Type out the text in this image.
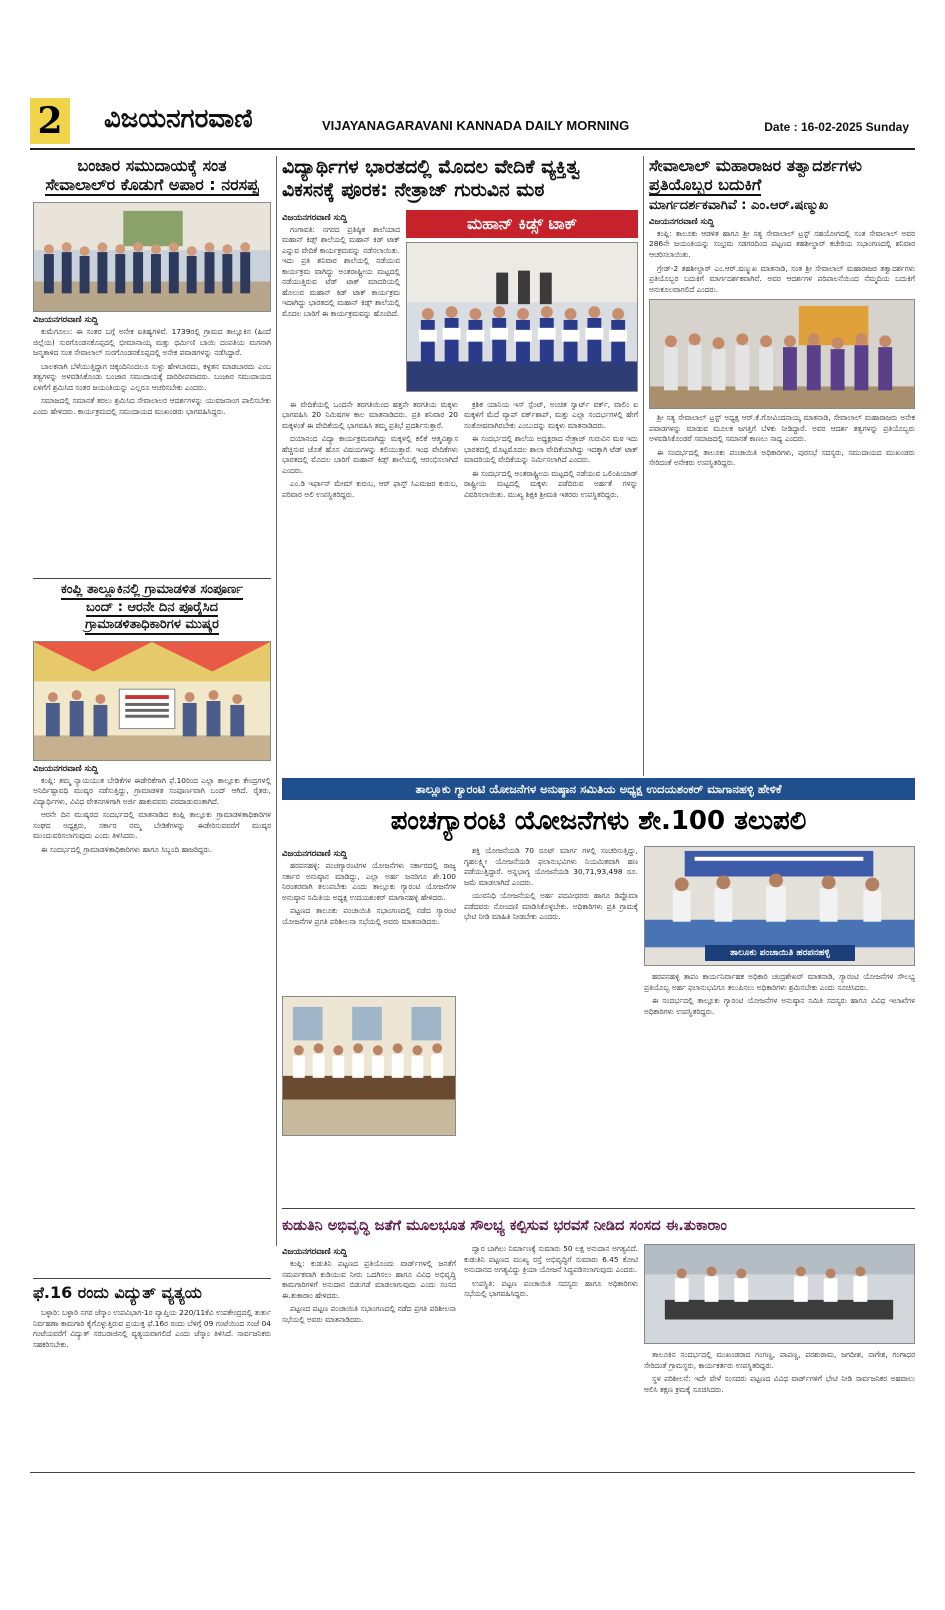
2 ವಿಜಯನಗರವಾಣಿ	VIJAYANAGARAVANI KANNADA DAILY MORNING	Date : 16-02-2025 Sunday
ಬಂಜಾರ ಸಮುದಾಯಕ್ಕೆ ಸಂತ
ಸೇವಾಲಾಲ್‌ರ ಕೊಡುಗೆ ಅಪಾರ : ನರಸಪ್ಪ
ವಿಜಯನಗರವಾಣಿ ಸುದ್ದಿ

ಕುಮೆಗೂಲು: ಈ ಸಂತರ ಬಗ್ಗೆ ಅನೇಕ ಐತಿಹ್ಯಗಳಿವೆ. 1739ರಲ್ಲಿ ಗ್ರಾಮದ ತಾಲ್ಲೂಕಿನ (ಹಿಂದೆ ಜಿಲ್ಲೆಯ) ಸುರಗೊಂಡನಕೊಪ್ಪದಲ್ಲಿ ಭೀಮಾನಾಯ್ಕ ಮತ್ತು ಧರ್ಮಿಣಿ ಬಾಯಿ ದಂಪತಿಯ ಮಗನಾಗಿ ಜನ್ಮತಾಳಿದ ಸಂತ ಸೇವಾಲಾಲ್ ಸುರಗೊಂಡನಕೊಪ್ಪದಲ್ಲಿ ಅನೇಕ ಪವಾಡಗಳನ್ನು ನಡೆಸಿದ್ದಾರೆ.

ಬಾಲಕನಾಗಿ ಬೆಳೆಯುತ್ತಿದ್ದಾಗ ಚಿಕ್ಕಂದಿನಿಂದಲೂ ಸುಳ್ಳು ಹೇಳಬಾರದು, ಕಳ್ಳತನ ಮಾಡಬಾರದು ಎಂಬ ತತ್ವಗಳನ್ನು ಅಳವಡಿಸಿಕೊಂಡು ಬಂಜಾರ ಸಮುದಾಯಕ್ಕೆ ದಾರಿದೀಪವಾದರು. ಬಂಜಾರ ಸಮುದಾಯದ ಏಳಿಗೆಗೆ ಶ್ರಮಿಸಿದ ಸಂತರ ಜಯಂತಿಯನ್ನು ಎಲ್ಲರೂ ಆಚರಿಸಬೇಕು ಎಂದರು.

ಸಮಾಜದಲ್ಲಿ ಸಮಾನತೆ ತರಲು ಶ್ರಮಿಸಿದ ಸೇವಾಲಾಲರ ಆದರ್ಶಗಳನ್ನು ಯುವಜನಾಂಗ ಪಾಲಿಸಬೇಕು ಎಂದು ಹೇಳಿದರು. ಕಾರ್ಯಕ್ರಮದಲ್ಲಿ ಸಮುದಾಯದ ಮುಖಂಡರು ಭಾಗವಹಿಸಿದ್ದರು.

ಕಂಪ್ಲಿ ತಾಲ್ಲೂಕಿನಲ್ಲಿ ಗ್ರಾಮಾಡಳಿತ ಸಂಪೂರ್ಣ ಬಂದ್ : ಆರನೇ ದಿನ ಪೂರೈಸಿದ ಗ್ರಾಮಾಡಳಿತಾಧಿಕಾರಿಗಳ ಮುಷ್ಕರ
ವಿಜಯನಗರವಾಣಿ ಸುದ್ದಿ

ಕಂಪ್ಲಿ: ತಮ್ಮ ನ್ಯಾಯಯುತ ಬೇಡಿಕೆಗಳ ಈಡೇರಿಕೆಗಾಗಿ ಫೆ.10ರಿಂದ ಎಲ್ಲಾ ತಾಲ್ಲೂಕು ಕೇಂದ್ರಗಳಲ್ಲಿ ಅನಿರ್ದಿಷ್ಟಾವಧಿ ಮುಷ್ಕರ ನಡೆಸುತ್ತಿದ್ದು, ಗ್ರಾಮಾಡಳಿತ ಸಂಪೂರ್ಣವಾಗಿ ಬಂದ್ ಆಗಿದೆ. ರೈತರು, ವಿದ್ಯಾರ್ಥಿಗಳು, ವಿವಿಧ ವೇತನಗಳಿಗಾಗಿ ಅರ್ಜಿ ಹಾಕುವವರು ಪರದಾಡುವಂತಾಗಿದೆ.

ಆರನೇ ದಿನ ಮುಷ್ಕರದ ಸಂದರ್ಭದಲ್ಲಿ ಮಾತನಾಡಿದ ಕಂಪ್ಲಿ ತಾಲ್ಲೂಕು ಗ್ರಾಮಾಡಳಿತಾಧಿಕಾರಿಗಳ ಸಂಘದ ಅಧ್ಯಕ್ಷರು, ಸರ್ಕಾರ ನಮ್ಮ ಬೇಡಿಕೆಗಳನ್ನು ಈಡೇರಿಸುವವರೆಗೆ ಮುಷ್ಕರ ಮುಂದುವರಿಸಲಾಗುವುದು ಎಂದು ತಿಳಿಸಿದರು.

ಈ ಸಂದರ್ಭದಲ್ಲಿ ಗ್ರಾಮಾಡಳಿತಾಧಿಕಾರಿಗಳು ಹಾಗೂ ಸಿಬ್ಬಂದಿ ಹಾಜರಿದ್ದರು.

ಫೆ.16 ರಂದು ವಿದ್ಯುತ್ ವ್ಯತ್ಯಯ

ಬಳ್ಳಾರಿ: ಬಳ್ಳಾರಿ ನಗರ ಜೆಸ್ಕಾಂ ಉಪವಿಭಾಗ-1ರ ವ್ಯಾಪ್ತಿಯ 220/11ಕೆವಿ ಉಪಕೇಂದ್ರದಲ್ಲಿ ತುರ್ತು ನಿರ್ವಹಣಾ ಕಾಮಗಾರಿ ಕೈಗೊಳ್ಳುತ್ತಿರುವ ಪ್ರಯುಕ್ತ ಫೆ.16ರ ರಂದು ಬೆಳಿಗ್ಗೆ 09 ಗಂಟೆಯಿಂದ ಸಂಜೆ 04 ಗಂಟೆಯವರೆಗೆ ವಿದ್ಯುತ್ ಸರಬರಾಜಿನಲ್ಲಿ ವ್ಯತ್ಯಯವಾಗಲಿದೆ ಎಂದು ಜೆಸ್ಕಾಂ ತಿಳಿಸಿದೆ. ಸಾರ್ವಜನಿಕರು ಸಹಕರಿಸಬೇಕು.

ವಿದ್ಯಾರ್ಥಿಗಳ ಭಾರತದಲ್ಲಿ ಮೊದಲ ವೇದಿಕೆ ವ್ಯಕ್ತಿತ್ವ
ವಿಕಸನಕ್ಕೆ ಪೂರಕ: ನೇತ್ರಾಜ್ ಗುರುವಿನ ಮಠ
ವಿಜಯನಗರವಾಣಿ ಸುದ್ದಿ

ಗಂಗಾವತಿ: ನಗರದ ಪ್ರತಿಷ್ಠಿತ ಶಾಲೆಯಾದ ಮಹಾನ್ ಕಿಡ್ಸ್ ಶಾಲೆಯಲ್ಲಿ ಮಹಾನ್ ಕಿಡ್ ಟಾಕ್ ಎನ್ನುವ ವೇದಿಕೆ ಕಾರ್ಯಕ್ರಮವನ್ನು ನಡೆಸಲಾಯಿತು. ಇದು ಪ್ರತಿ ಶನಿವಾರ ಶಾಲೆಯಲ್ಲಿ ನಡೆಯುವ ಕಾರ್ಯಕ್ರಮ ವಾಗಿದ್ದು ಅಂತರಾಷ್ಟ್ರೀಯ ಮಟ್ಟದಲ್ಲಿ ನಡೆಯುತ್ತಿರುವ ಟೆಡ್ ಟಾಕ್ ಮಾದರಿಯಲ್ಲಿ ಹೊಲುವ ಮಹಾನ್ ಕಿಡ್ ಟಾಕ್ ಕಾರ್ಯಕ್ರಮ ಇದಾಗಿದ್ದು ಭಾರತದಲ್ಲಿ ಮಹಾನ್ ಕಿಡ್ಸ್ ಶಾಲೆಯಲ್ಲಿ ಮೊದಲ ಬಾರಿಗೆ ಈ ಕಾರ್ಯಕ್ರಮವನ್ನು ಹೊಂದಿದೆ.

ಮಹಾನ್ ಕಿಡ್ಸ್ ಟಾಕ್

ಈ ವೇದಿಕೆಯಲ್ಲಿ ಒಂದನೇ ತರಗತಿಯಿಂದ ಹತ್ತನೇ ತರಗತಿಯ ಮಕ್ಕಳು ಭಾಗವಹಿಸಿ 20 ನಿಮಿಷಗಳ ಕಾಲ ಮಾತನಾಡಿದರು. ಪ್ರತಿ ಶನಿವಾರ 20 ಮಕ್ಕಳಂತೆ ಈ ವೇದಿಕೆಯಲ್ಲಿ ಭಾಗವಹಿಸಿ ತಮ್ಮ ಪ್ರತಿಭೆ ಪ್ರದರ್ಶಿಸುತ್ತಾರೆ.

ದಯಾನಂದ ವಿದ್ಯಾ ಕಾರ್ಯಕ್ರಮವಾಗಿದ್ದು ಮಕ್ಕಳಲ್ಲಿ ಕಲಿಕೆ ಆತ್ಮವಿಶ್ವಾಸ ಹೆಚ್ಚಿಸುವ ಜೊತೆ ಹೊಸ ವಿಷಯಗಳನ್ನು ಕಲಿಯುತ್ತಾರೆ. ಇಂಥ ವೇದಿಕೆಗಳು ಭಾರತದಲ್ಲಿ ಮೊದಲ ಬಾರಿಗೆ ಮಹಾನ್ ಕಿಡ್ಸ್ ಶಾಲೆಯಲ್ಲಿ ಆರಂಭಿಸಲಾಗಿದೆ ಎಂದರು.

ಎಂ.ಡಿ ಇರ್ಫಾನ್ ಮೇಮ್ ಕುರುಬ, ಆರ್ ಫಾಸ್ತ್ ಸಿಎಮಜರ ಕುರುಬ, ಪರಿವಾರ ಅಲಿ ಉಪಸ್ಥಿತರಿದ್ದರು.

ಕ್ರಶಿಕ ಯಾನಿಯ ಇಸ್ ಸ್ಪೆಂಟ್, ಅಂಚಿತ ಸ್ವಾರ್ಟ್ ವರ್ಕ್, ವಾಲಿಂ ಐ ಮಕ್ಕಳಿಗೆ ಮೆದೆ ವ್ಯಾಪ್ ವರ್ಕ್‌ಶಾಪ್, ಮತ್ತು ಎಲ್ಲಾ ಸಂದರ್ಭಗಳಲ್ಲಿ ಹೇಗೆ ಸಂತೋಷವಾಗಿರಬೇಕು ಎಂಬುದನ್ನು ಮಕ್ಕಳು ಮಾತನಾಡಿದರು.

ಈ ಸಂದರ್ಭದಲ್ಲಿ ಶಾಲೆಯ ಅಧ್ಯಕ್ಷರಾದ ನೇತ್ರಾಜ್ ಗುರುವಿನ ಮಠ ಇದು ಭಾರತದಲ್ಲಿ ಮೊಟ್ಟಮೊದಲ ಶಾಲಾ ವೇದಿಕೆಯಾಗಿದ್ದು ಇದಕ್ಕಾಗಿ ಟೆಡ್ ಟಾಕ್ ಮಾದರಿಯಲ್ಲಿ ವೇದಿಕೆಯನ್ನು ನಿರ್ಮಿಸಲಾಗಿದೆ ಎಂದರು.

ಈ ಸಂದರ್ಭದಲ್ಲಿ ಅಂತರಾಷ್ಟ್ರೀಯ ಮಟ್ಟದಲ್ಲಿ ನಡೆಯುವ ಒಲಿಂಪಿಯಾಡ್ ರಾಷ್ಟ್ರೀಯ ಮಟ್ಟದಲ್ಲಿ ಮಕ್ಕಳು ಪಡೆದಿರುವ ಅರ್ಹತೆ ಗಳನ್ನು ವಿವರಿಸಲಾಯಿತು. ಮುಖ್ಯ ಶಿಕ್ಷಕಿ ಶ್ರೀಮತಿ ಇತರರು ಉಪಸ್ಥಿತರಿದ್ದರು.

ಸೇವಾಲಾಲ್ ಮಹಾರಾಜರ ತತ್ವಾದರ್ಶಗಳು
ಪ್ರತಿಯೊಬ್ಬರ ಬದುಕಿಗೆ
ಮಾರ್ಗದರ್ಶಕವಾಗಿವೆ : ಎಂ.ಆರ್.ಷಣ್ಮುಖ
ವಿಜಯನಗರವಾಣಿ ಸುದ್ದಿ

ಕಂಪ್ಲಿ: ತಾಲೂಕು ಆಡಳಿತ ಹಾಗೂ ಶ್ರೀ ಸತ್ಯ ಸೇವಾಲಾಲ್ ಟ್ರಸ್ಟ್ ಸಹಯೋಗದಲ್ಲಿ ಸಂತ ಸೇವಾಲಾಲ್ ಅವರ 286ನೇ ಜಯಂತಿಯನ್ನು ಸಂಭ್ರಮ ಸಡಗರದಿಂದ ಪಟ್ಟಣದ ತಹಶೀಲ್ದಾರ್ ಕಚೇರಿಯ ಸಭಾಂಗಣದಲ್ಲಿ ಶನಿವಾರ ಆಚರಿಸಲಾಯಿತು.

ಗ್ರೇಡ್-2 ತಹಶೀಲ್ದಾರ್ ಎಂ.ಆರ್.ಷಣ್ಮುಖ ಮಾತನಾಡಿ, ಸಂತ ಶ್ರೀ ಸೇವಾಲಾಲ್ ಮಹಾರಾಜರ ತತ್ವಾದರ್ಶಗಳು ಪ್ರತಿಯೊಬ್ಬರ ಬದುಕಿಗೆ ಮಾರ್ಗದರ್ಶಕವಾಗಿವೆ. ಅವರ ಆದರ್ಶಗಳ ಪರಿಪಾಲನೆಯಿಂದ ನೆಮ್ಮದಿಯ ಬದುಕಿಗೆ ಅನುಕೂಲವಾಗಲಿದೆ ಎಂದರು.

ಶ್ರೀ ಸತ್ಯ ಸೇವಾಲಾಲ್ ಟ್ರಸ್ಟ್ ಅಧ್ಯಕ್ಷ ಆರ್.ಕೆ.ಗೋವಿಂದನಾಯ್ಕ ಮಾತನಾಡಿ, ಸೇವಾಲಾಲ್ ಮಹಾರಾಜರು ಅನೇಕ ಪವಾಡಗಳನ್ನು ಮಾಡುವ ಮೂಲಕ ಜಗತ್ತಿಗೆ ಬೆಳಕು ನೀಡಿದ್ದಾರೆ. ಅವರ ಆದರ್ಶ ತತ್ವಗಳನ್ನು ಪ್ರತಿಯೊಬ್ಬರು ಅಳವಡಿಸಿಕೊಂಡರೆ ಸಮಾಜದಲ್ಲಿ ಸಮಾನತೆ ಕಾಣಲು ಸಾಧ್ಯ ಎಂದರು.

ಈ ಸಂದರ್ಭದಲ್ಲಿ ತಾಲೂಕು ಪಂಚಾಯಿತಿ ಅಧಿಕಾರಿಗಳು, ಪುರಸಭೆ ಸದಸ್ಯರು, ಸಮುದಾಯದ ಮುಖಂಡರು ಸೇರಿದಂತೆ ಅನೇಕರು ಉಪಸ್ಥಿತರಿದ್ದರು.

ತಾಲ್ಲೂಕು ಗ್ಯಾರಂಟಿ ಯೋಜನೆಗಳ ಅನುಷ್ಠಾನ ಸಮಿತಿಯ ಅಧ್ಯಕ್ಷ ಉದಯಶಂಕರ್ ಮಾಗಾನಹಳ್ಳಿ ಹೇಳಿಕೆ
ಪಂಚಗ್ಯಾರಂಟಿ ಯೋಜನೆಗಳು ಶೇ.100 ತಲುಪಲಿ
ವಿಜಯನಗರವಾಣಿ ಸುದ್ದಿ

ಹರಪನಹಳ್ಳಿ: ಪಂಚಗ್ಯಾರಂಟಿಗಳ ಯೋಜನೆಗಳು ಸರ್ಕಾರದಲ್ಲಿ ರಾಜ್ಯ ಸರ್ಕಾರ ಅನುಷ್ಠಾನ ಮಾಡಿದ್ದು, ಎಲ್ಲಾ ಅರ್ಹ ಜನರಿಗೂ ಶೇ.100 ನಿರಂತರವಾಗಿ ತಲುಪಬೇಕು ಎಂದು ತಾಲ್ಲೂಕು ಗ್ಯಾರಂಟಿ ಯೋಜನೆಗಳ ಅನುಷ್ಠಾನ ಸಮಿತಿಯ ಅಧ್ಯಕ್ಷ ಉದಯಶಂಕರ್ ಮಾಗಾನಹಳ್ಳಿ ಹೇಳಿದರು.

ಪಟ್ಟಣದ ತಾಲೂಕು ಪಂಚಾಯಿತಿ ಸಭಾಂಗಣದಲ್ಲಿ ನಡೆದ ಗ್ಯಾರಂಟಿ ಯೋಜನೆಗಳ ಪ್ರಗತಿ ಪರಿಶೀಲನಾ ಸಭೆಯಲ್ಲಿ ಅವರು ಮಾತನಾಡಿದರು.

ಶಕ್ತಿ ಯೋಜನೆಯಡಿ 70 ರೂಟ್ ಮಾರ್ಗ ಗಳಲ್ಲಿ ಸಂಚರಿಸುತ್ತಿದ್ದು, ಗೃಹಲಕ್ಷ್ಮೀ ಯೋಜನೆಯಡಿ ಫಲಾನುಭವಿಗಳು ನಿಯಮಿತವಾಗಿ ಹಣ ಪಡೆಯುತ್ತಿದ್ದಾರೆ. ಅನ್ನಭಾಗ್ಯ ಯೋಜನೆಯಡಿ 30,71,93,498 ರೂ. ಜಮೆ ಮಾಡಲಾಗಿದೆ ಎಂದರು.

ಯುವನಿಧಿ ಯೋಜನೆಯಲ್ಲಿ ಅರ್ಹ ಪದವೀಧರರು ಹಾಗೂ ಡಿಪ್ಲೊಮಾ ಪಡೆದವರು ನೋಂದಣಿ ಮಾಡಿಸಿಕೊಳ್ಳಬೇಕು. ಅಧಿಕಾರಿಗಳು ಪ್ರತಿ ಗ್ರಾಮಕ್ಕೆ ಭೇಟಿ ನೀಡಿ ಮಾಹಿತಿ ನೀಡಬೇಕು ಎಂದರು.

ತಾಲೂಕು ಪಂಚಾಯಿತಿ ಹರಪನಹಳ್ಳಿ

ಹರಪನಹಳ್ಳಿ ತಾಪಂ ಕಾರ್ಯನಿರ್ವಾಹಕ ಅಧಿಕಾರಿ ಚಂದ್ರಶೇಖರ್ ಮಾತನಾಡಿ, ಗ್ಯಾರಂಟಿ ಯೋಜನೆಗಳ ಸೌಲಭ್ಯ ಪ್ರತಿಯೊಬ್ಬ ಅರ್ಹ ಫಲಾನುಭವಿಗೂ ತಲುಪಿಸಲು ಅಧಿಕಾರಿಗಳು ಶ್ರಮಿಸಬೇಕು ಎಂದು ಸೂಚಿಸಿದರು.

ಈ ಸಂದರ್ಭದಲ್ಲಿ ತಾಲ್ಲೂಕು ಗ್ಯಾರಂಟಿ ಯೋಜನೆಗಳ ಅನುಷ್ಠಾನ ಸಮಿತಿ ಸದಸ್ಯರು ಹಾಗೂ ವಿವಿಧ ಇಲಾಖೆಗಳ ಅಧಿಕಾರಿಗಳು ಉಪಸ್ಥಿತರಿದ್ದರು.

ಕುಡುತಿನಿ ಅಭಿವೃದ್ಧಿ ಜತೆಗೆ ಮೂಲಭೂತ ಸೌಲಭ್ಯ ಕಲ್ಪಿಸುವ ಭರವಸೆ ನೀಡಿದ ಸಂಸದ ಈ.ತುಕಾರಾಂ
ವಿಜಯನಗರವಾಣಿ ಸುದ್ದಿ

ಕಂಪ್ಲಿ: ಕುಡುತಿನಿ ಪಟ್ಟಣದ ಪ್ರತಿಯೊಂದು ವಾರ್ಡ್‌ಗಳಲ್ಲಿ ಜನತೆಗೆ ಸಮರ್ಪಕವಾಗಿ ಕುಡಿಯುವ ನೀರು ಒದಗಿಸಲು ಹಾಗೂ ವಿವಿಧ ಅಭಿವೃದ್ಧಿ ಕಾಮಗಾರಿಗಳಿಗೆ ಅನುದಾನ ಬಿಡುಗಡೆ ಮಾಡಲಾಗುವುದು ಎಂದು ಸಂಸದ ಈ.ತುಕಾರಾಂ ಹೇಳಿದರು.

ಪಟ್ಟಣದ ಪಟ್ಟಣ ಪಂಚಾಯಿತಿ ಸಭಾಂಗಣದಲ್ಲಿ ನಡೆದ ಪ್ರಗತಿ ಪರಿಶೀಲನಾ ಸಭೆಯಲ್ಲಿ ಅವರು ಮಾತನಾಡಿದರು.

ದ್ವಾರ ಬಾಗಿಲು ನಿರ್ಮಾಣಕ್ಕೆ ಸುಮಾರು 50 ಲಕ್ಷ ಅನುದಾನ ಅಗತ್ಯವಿದೆ. ಕುಡುತಿನಿ ಪಟ್ಟಣದ ಮುಖ್ಯ ರಸ್ತೆ ಅಭಿವೃದ್ಧಿಗೆ ಸುಮಾರು 6.45 ಕೋಟಿ ಅನುದಾನದ ಅಗತ್ಯವಿದ್ದು ಕ್ರಿಯಾ ಯೋಜನೆ ಸಿದ್ಧಪಡಿಸಲಾಗುವುದು ಎಂದರು.

ಉಪಸ್ಥಿತಿ: ಪಟ್ಟಣ ಪಂಚಾಯಿತಿ ಸದಸ್ಯರು ಹಾಗೂ ಅಧಿಕಾರಿಗಳು ಸಭೆಯಲ್ಲಿ ಭಾಗವಹಿಸಿದ್ದರು.

ತಾಲೂಕಿನ ಸಂದರ್ಭದಲ್ಲಿ ಮುಖಂಡರಾದ ಗಂಗಣ್ಣ, ಪಾಪಣ್ಣ, ಪರಶುರಾಮ, ಜಗದೀಶ, ನಾಗೇಶ, ಗಂಗಾಧರ ಸೇರಿದಂತೆ ಗ್ರಾಮಸ್ಥರು, ಕಾರ್ಯಕರ್ತರು ಉಪಸ್ಥಿತರಿದ್ದರು.

ಸ್ಥಳ ಪರಿಶೀಲನೆ: ಇದೇ ವೇಳೆ ಸಂಸದರು ಪಟ್ಟಣದ ವಿವಿಧ ವಾರ್ಡ್‌ಗಳಿಗೆ ಭೇಟಿ ನೀಡಿ ಸಾರ್ವಜನಿಕರ ಅಹವಾಲು ಆಲಿಸಿ ತಕ್ಷಣ ಕ್ರಮಕ್ಕೆ ಸೂಚಿಸಿದರು.
